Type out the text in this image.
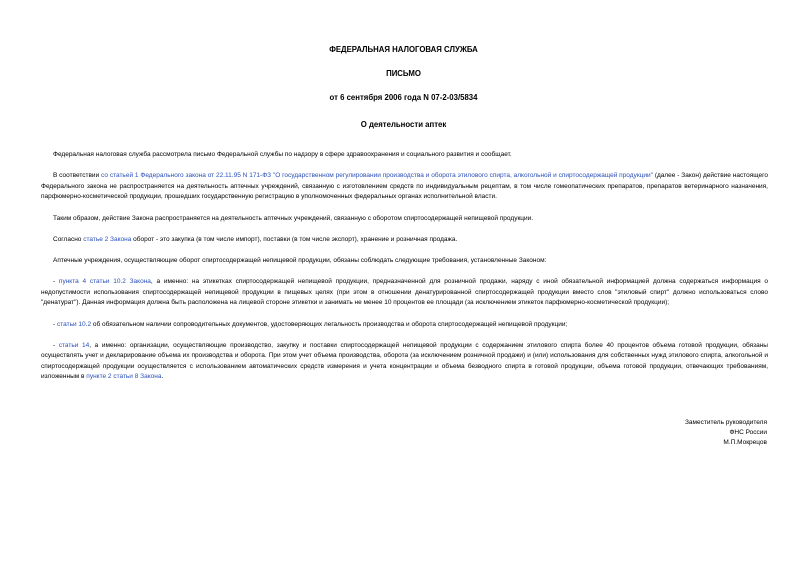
ФЕДЕРАЛЬНАЯ НАЛОГОВАЯ СЛУЖБА
ПИСЬМО
от 6 сентября 2006 года N 07-2-03/5834
О деятельности аптек

Федеральная налоговая служба рассмотрела письмо Федеральной службы по надзору в сфере здравоохранения и социального развития и сообщает.

В соответствии со статьей 1 Федерального закона от 22.11.95 N 171-ФЗ "О государственном регулировании производства и оборота этилового спирта, алкогольной и спиртосодержащей продукции" (далее - Закон) действие настоящего Федерального закона не распространяется на деятельность аптечных учреждений, связанную с изготовлением средств по индивидуальным рецептам, в том числе гомеопатических препаратов, препаратов ветеринарного назначения, парфюмерно-косметической продукции, прошедших государственную регистрацию в уполномоченных федеральных органах исполнительной власти.

Таким образом, действие Закона распространяется на деятельность аптечных учреждений, связанную с оборотом спиртосодержащей непищевой продукции.

Согласно статье 2 Закона оборот - это закупка (в том числе импорт), поставки (в том числе экспорт), хранение и розничная продажа.

Аптечные учреждения, осуществляющие оборот спиртосодержащей непищевой продукции, обязаны соблюдать следующие требования, установленные Законом:

- пункта 4 статьи 10.2 Закона, а именно: на этикетках спиртосодержащей непищевой продукции, предназначенной для розничной продажи, наряду с иной обязательной информацией должна содержаться информация о недопустимости использования спиртосодержащей непищевой продукции в пищевых целях (при этом в отношении денатурированной спиртосодержащей продукции вместо слов "этиловый спирт" должно использоваться слово "денатурат"). Данная информация должна быть расположена на лицевой стороне этикетки и занимать не менее 10 процентов ее площади (за исключением этикеток парфюмерно-косметической продукции);

- статьи 10.2 об обязательном наличии сопроводительных документов, удостоверяющих легальность производства и оборота спиртосодержащей непищевой продукции;

- статьи 14, а именно: организации, осуществляющие производство, закупку и поставки спиртосодержащей непищевой продукции с содержанием этилового спирта более 40 процентов объема готовой продукции, обязаны осуществлять учет и декларирование объема их производства и оборота. При этом учет объема производства, оборота (за исключением розничной продажи) и (или) использования для собственных нужд этилового спирта, алкогольной и спиртосодержащей продукции осуществляется с использованием автоматических средств измерения и учета концентрации и объема безводного спирта в готовой продукции, объема готовой продукции, отвечающих требованиям, изложенным в пункте 2 статьи 8 Закона.

Заместитель руководителя
ФНС России
М.П.Мокрецов
